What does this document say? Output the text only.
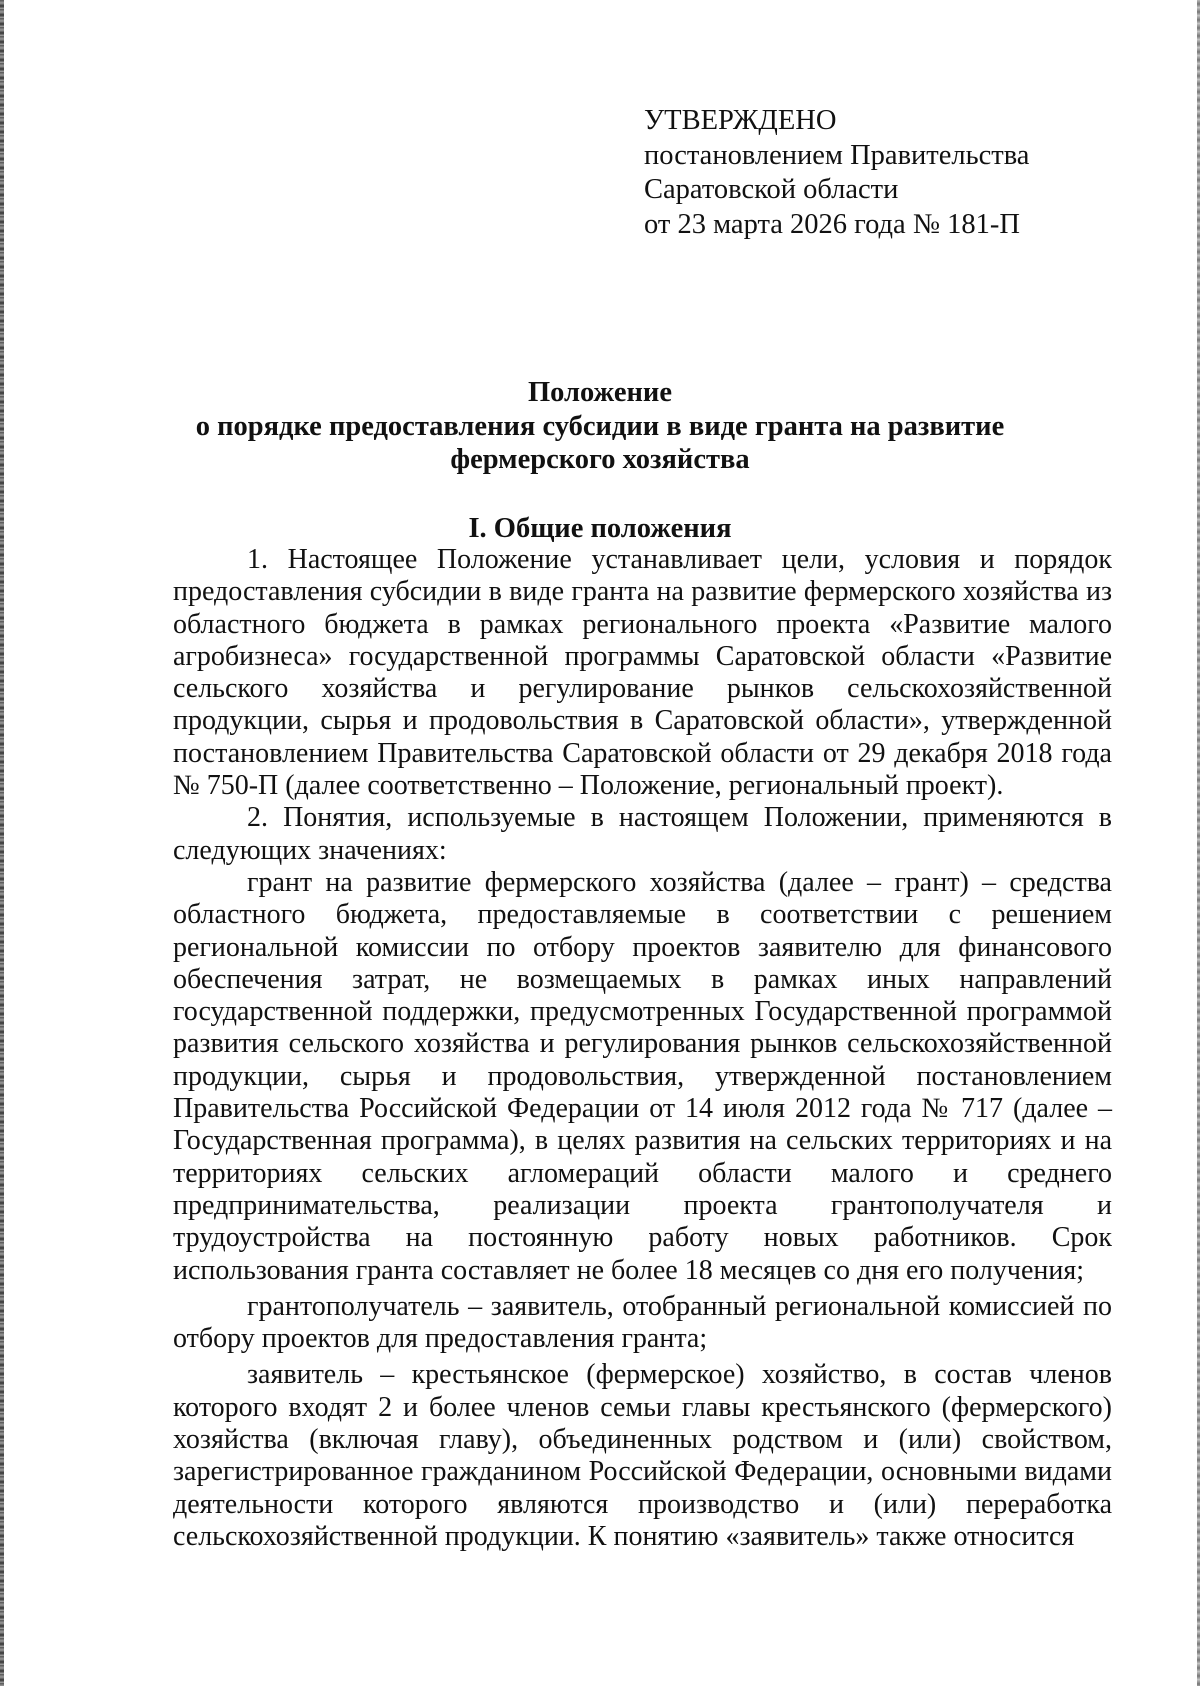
УТВЕРЖДЕНО
постановлением Правительства
Саратовской области
от 23 марта 2026 года № 181-П
Положение
о порядке предоставления субсидии в виде гранта на развитие
фермерского хозяйства
I. Общие положения

1. Настоящее Положение устанавливает цели, условия и порядок предоставления субсидии в виде гранта на развитие фермерского хозяйства из областного бюджета в рамках регионального проекта «Развитие малого агробизнеса» государственной программы Саратовской области «Развитие сельского хозяйства и регулирование рынков сельскохозяйственной продукции, сырья и продовольствия в Саратовской области», утвержденной постановлением Правительства Саратовской области от 29 декабря 2018 года № 750-П (далее соответственно – Положение, региональный проект).

2. Понятия, используемые в настоящем Положении, применяются в следующих значениях:

грант на развитие фермерского хозяйства (далее – грант) – средства областного бюджета, предоставляемые в соответствии с решением региональной комиссии по отбору проектов заявителю для финансового обеспечения затрат, не возмещаемых в рамках иных направлений государственной поддержки, предусмотренных Государственной программой развития сельского хозяйства и регулирования рынков сельскохозяйственной продукции, сырья и продовольствия, утвержденной постановлением Правительства Российской Федерации от 14 июля 2012 года № 717 (далее – Государственная программа), в целях развития на сельских территориях и на территориях сельских агломераций области малого и среднего предпринимательства, реализации проекта грантополучателя и трудоустройства на постоянную работу новых работников. Срок использования гранта составляет не более 18 месяцев со дня его получения;

грантополучатель – заявитель, отобранный региональной комиссией по отбору проектов для предоставления гранта;

заявитель – крестьянское (фермерское) хозяйство, в состав членов которого входят 2 и более членов семьи главы крестьянского (фермерского) хозяйства (включая главу), объединенных родством и (или) свойством, зарегистрированное гражданином Российской Федерации, основными видами деятельности которого являются производство и (или) переработка сельскохозяйственной продукции. К понятию «заявитель» также относится
